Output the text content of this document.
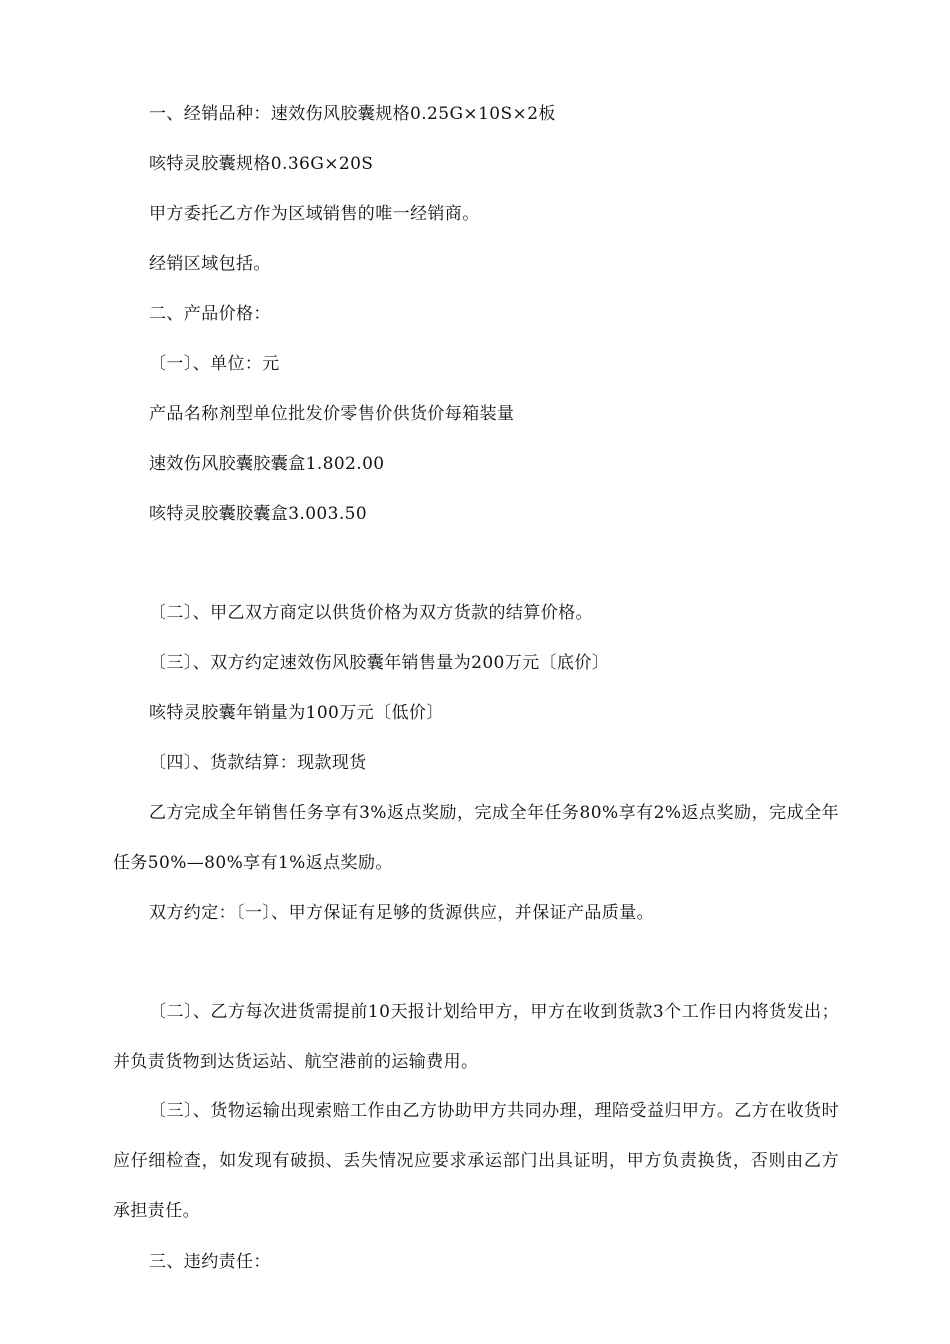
一、经销品种：速效伤风胶囊规格0.25G×10S×2板
咳特灵胶囊规格0.36G×20S
甲方委托乙方作为区域销售的唯一经销商。
经销区域包括。
二、产品价格：
〔一〕、单位：元
产品名称剂型单位批发价零售价供货价每箱装量
速效伤风胶囊胶囊盒1.802.00
咳特灵胶囊胶囊盒3.003.50
〔二〕、甲乙双方商定以供货价格为双方货款的结算价格。
〔三〕、双方约定速效伤风胶囊年销售量为200万元〔底价〕
咳特灵胶囊年销量为100万元〔低价〕
〔四〕、货款结算：现款现货
乙方完成全年销售任务享有3%返点奖励，完成全年任务80%享有2%返点奖励，完成全年任务50%—80%享有1%返点奖励。
双方约定：〔一〕、甲方保证有足够的货源供应，并保证产品质量。
〔二〕、乙方每次进货需提前10天报计划给甲方，甲方在收到货款3个工作日内将货发出；并负责货物到达货运站、航空港前的运输费用。
〔三〕、货物运输出现索赔工作由乙方协助甲方共同办理，理陪受益归甲方。乙方在收货时应仔细检查，如发现有破损、丢失情况应要求承运部门出具证明，甲方负责换货，否则由乙方承担责任。
三、违约责任：
